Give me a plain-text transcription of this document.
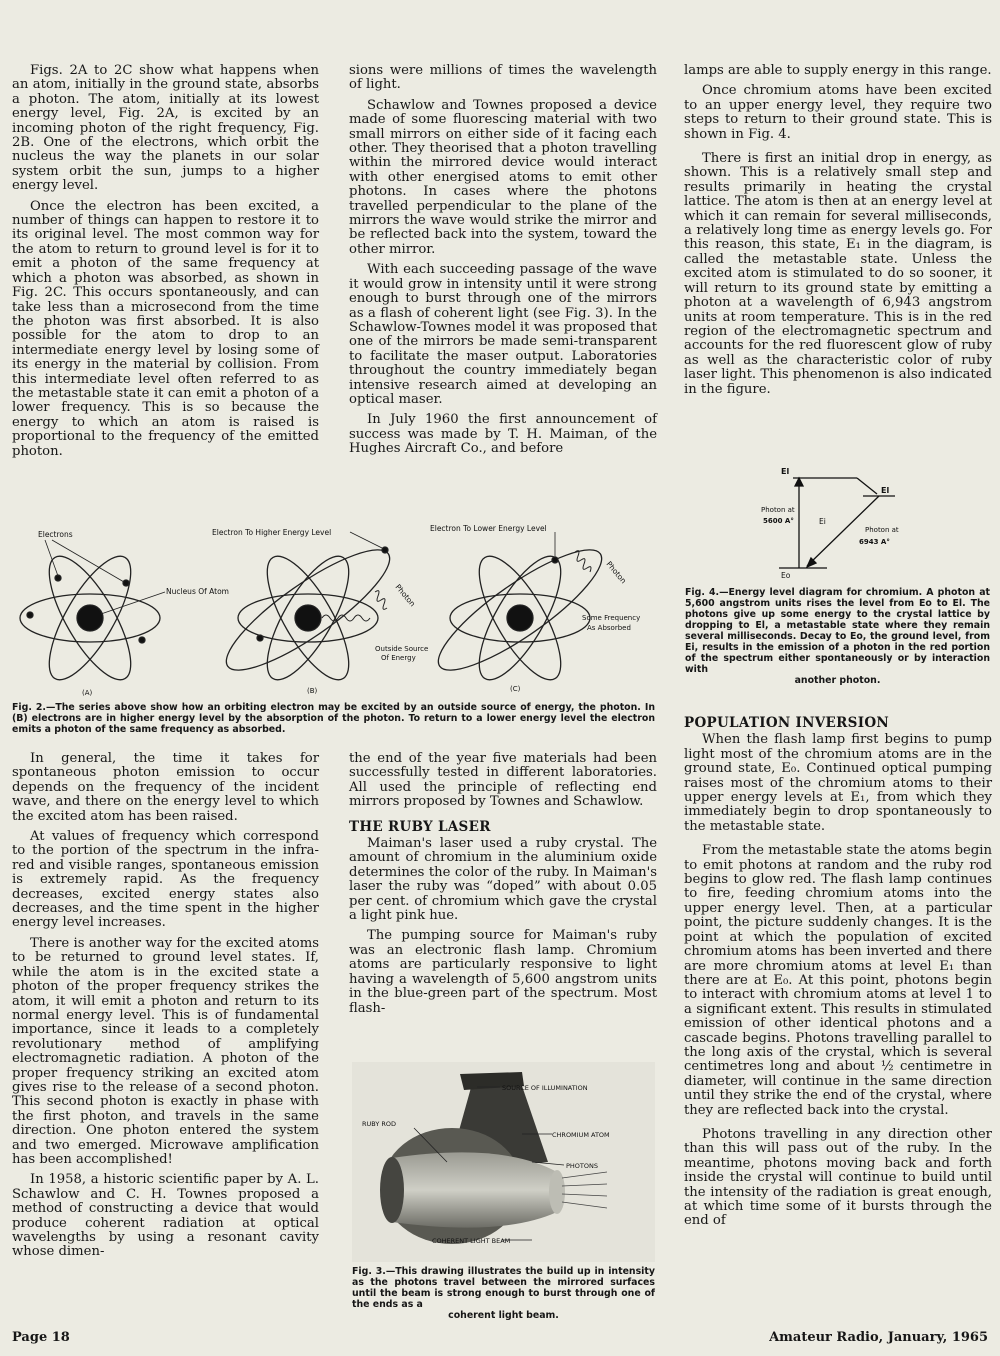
Figs. 2A to 2C show what happens when an atom, initially in the ground state, absorbs a photon. The atom, initially at its lowest energy level, Fig. 2A, is excited by an incoming photon of the right frequency, Fig. 2B. One of the electrons, which orbit the nucleus the way the planets in our solar system orbit the sun, jumps to a higher energy level.

Once the electron has been excited, a number of things can happen to restore it to its original level. The most common way for the atom to return to ground level is for it to emit a photon of the same frequency at which a photon was absorbed, as shown in Fig. 2C. This occurs spontaneously, and can take less than a microsecond from the time the photon was first absorbed. It is also possible for the atom to drop to an intermediate energy level by losing some of its energy in the material by collision. From this intermediate level often referred to as the metastable state it can emit a photon of a lower frequency. This is so because the energy to which an atom is raised is proportional to the frequency of the emitted photon.

sions were millions of times the wavelength of light.

Schawlow and Townes proposed a device made of some fluorescing material with two small mirrors on either side of it facing each other. They theorised that a photon travelling within the mirrored device would interact with other energised atoms to emit other photons. In cases where the photons travelled perpendicular to the plane of the mirrors the wave would strike the mirror and be reflected back into the system, toward the other mirror.

With each succeeding passage of the wave it would grow in intensity until it were strong enough to burst through one of the mirrors as a flash of coherent light (see Fig. 3). In the Schawlow-Townes model it was proposed that one of the mirrors be made semi-transparent to facilitate the maser output. Laboratories throughout the country immediately began intensive research aimed at developing an optical maser.

In July 1960 the first announcement of success was made by T. H. Maiman, of the Hughes Aircraft Co., and before

lamps are able to supply energy in this range.

Once chromium atoms have been excited to an upper energy level, they require two steps to return to their ground state. This is shown in Fig. 4.

There is first an initial drop in energy, as shown. This is a relatively small step and results primarily in heating the crystal lattice. The atom is then at an energy level at which it can remain for several milliseconds, a relatively long time as energy levels go. For this reason, this state, E₁ in the diagram, is called the metastable state. Unless the excited atom is stimulated to do so sooner, it will return to its ground state by emitting a photon at a wavelength of 6,943 angstrom units at room temperature. This is in the red region of the electromagnetic spectrum and accounts for the red fluorescent glow of ruby as well as the characteristic color of ruby laser light. This phenomenon is also indicated in the figure.

Electrons
Nucleus Of Atom
Electron To Higher Energy Level
Photon
Outside Source
Of Energy
Electron To Lower Energy Level
Photon
Some Frequency
As Absorbed
(A)	(B)	(C)
Fig. 2.—The series above show how an orbiting electron may be excited by an outside source of energy, the photon. In (B) electrons are in higher energy level by the absorption of the photon. To return to a lower energy level the electron emits a photon of the same frequency as absorbed.
El
El
Ei
Eo
Photon at
5600 A°
Photon at
6943 A°
Fig. 4.—Energy level diagram for chromium. A photon at 5,600 angstrom units rises the level from Eo to El. The photons give up some energy to the crystal lattice by dropping to El, a metastable state where they remain several milliseconds. Decay to Eo, the ground level, from Ei, results in the emission of a photon in the red portion of the spectrum either spontaneously or by interaction with
another photon.

In general, the time it takes for spontaneous photon emission to occur depends on the frequency of the incident wave, and there on the energy level to which the excited atom has been raised.

At values of frequency which correspond to the portion of the spectrum in the infra-red and visible ranges, spontaneous emission is extremely rapid. As the frequency decreases, excited energy states also decreases, and the time spent in the higher energy level increases.

There is another way for the excited atoms to be returned to ground level states. If, while the atom is in the excited state a photon of the proper frequency strikes the atom, it will emit a photon and return to its normal energy level. This is of fundamental importance, since it leads to a completely revolutionary method of amplifying electromagnetic radiation. A photon of the proper frequency striking an excited atom gives rise to the release of a second photon. This second photon is exactly in phase with the first photon, and travels in the same direction. One photon entered the system and two emerged. Microwave amplification has been accomplished!

In 1958, a historic scientific paper by A. L. Schawlow and C. H. Townes proposed a method of constructing a device that would produce coherent radiation at optical wavelengths by using a resonant cavity whose dimen-

the end of the year five materials had been successfully tested in different laboratories. All used the principle of reflecting end mirrors proposed by Townes and Schawlow.

THE RUBY LASER

Maiman's laser used a ruby crystal. The amount of chromium in the aluminium oxide determines the color of the ruby. In Maiman's laser the ruby was “doped” with about 0.05 per cent. of chromium which gave the crystal a light pink hue.

The pumping source for Maiman's ruby was an electronic flash lamp. Chromium atoms are particularly responsive to light having a wavelength of 5,600 angstrom units in the blue-green part of the spectrum. Most flash-

SOURCE OF ILLUMINATION
RUBY ROD
CHROMIUM ATOM
PHOTONS
COHERENT LIGHT BEAM
Fig. 3.—This drawing illustrates the build up in intensity as the photons travel between the mirrored surfaces until the beam is strong enough to burst through one of the ends as a
coherent light beam.
POPULATION INVERSION

When the flash lamp first begins to pump light most of the chromium atoms are in the ground state, E₀. Continued optical pumping raises most of the chromium atoms to their upper energy levels at E₁, from which they immediately begin to drop spontaneously to the metastable state.

From the metastable state the atoms begin to emit photons at random and the ruby rod begins to glow red. The flash lamp continues to fire, feeding chromium atoms into the upper energy level. Then, at a particular point, the picture suddenly changes. It is the point at which the population of excited chromium atoms has been inverted and there are more chromium atoms at level E₁ than there are at E₀. At this point, photons begin to interact with chromium atoms at level 1 to a significant extent. This results in stimulated emission of other identical photons and a cascade begins. Photons travelling parallel to the long axis of the crystal, which is several centimetres long and about ½ centimetre in diameter, will continue in the same direction until they strike the end of the crystal, where they are reflected back into the crystal.

Photons travelling in any direction other than this will pass out of the ruby. In the meantime, photons moving back and forth inside the crystal will continue to build until the intensity of the radiation is great enough, at which time some of it bursts through the end of

Page 18	Amateur Radio, January, 1965
